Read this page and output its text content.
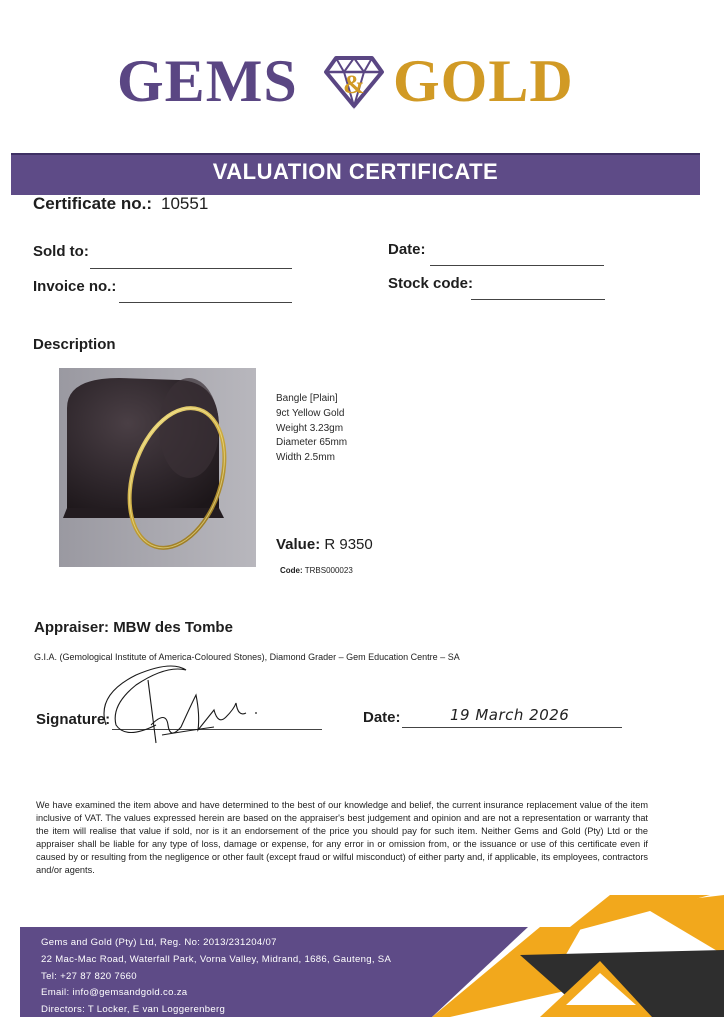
GEMS & GOLD
VALUATION CERTIFICATE
Certificate no.: 10551
Sold to:	Date:
Invoice no.:	Stock code:
Description
Bangle [Plain]
9ct Yellow Gold
Weight 3.23gm
Diameter 65mm
Width 2.5mm
Value: R 9350
Code: TRBS000023
Appraiser: MBW des Tombe
G.I.A. (Gemological Institute of America-Coloured Stones), Diamond Grader – Gem Education Centre – SA
Signature:	Date:	19 March 2026
We have examined the item above and have determined to the best of our knowledge and belief, the current insurance replacement value of the item inclusive of VAT. The values expressed herein are based on the appraiser's best judgement and opinion and are not a representation or warranty that the item will realise that value if sold, nor is it an endorsement of the price you should pay for such item. Neither Gems and Gold (Pty) Ltd or the appraiser shall be liable for any type of loss, damage or expense, for any error in or omission from, or the issuance or use of this certificate even if caused by or resulting from the negligence or other fault (except fraud or wilful misconduct) of either party and, if applicable, its employees, contractors and/or agents.
Gems and Gold (Pty) Ltd, Reg. No: 2013/231204/07
22 Mac-Mac Road, Waterfall Park, Vorna Valley, Midrand, 1686, Gauteng, SA
Tel: +27 87 820 7660
Email: info@gemsandgold.co.za
Directors: T Locker, E van Loggerenberg
